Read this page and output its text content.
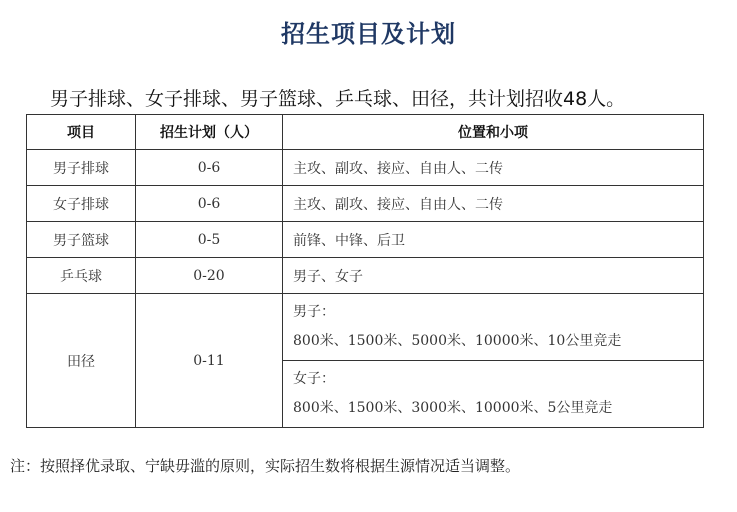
招生项目及计划
男子排球、女子排球、男子篮球、乒乓球、田径，共计划招收48人。
项目	招生计划（人）	位置和小项
男子排球	0-6	主攻、副攻、接应、自由人、二传
女子排球	0-6	主攻、副攻、接应、自由人、二传
男子篮球	0-5	前锋、中锋、后卫
乒乓球	0-20	男子、女子
田径	0-11	男子：
800米、1500米、5000米、10000米、10公里竞走

		女子：
800米、1500米、3000米、10000米、5公里竞走
注：按照择优录取、宁缺毋滥的原则，实际招生数将根据生源情况适当调整。
